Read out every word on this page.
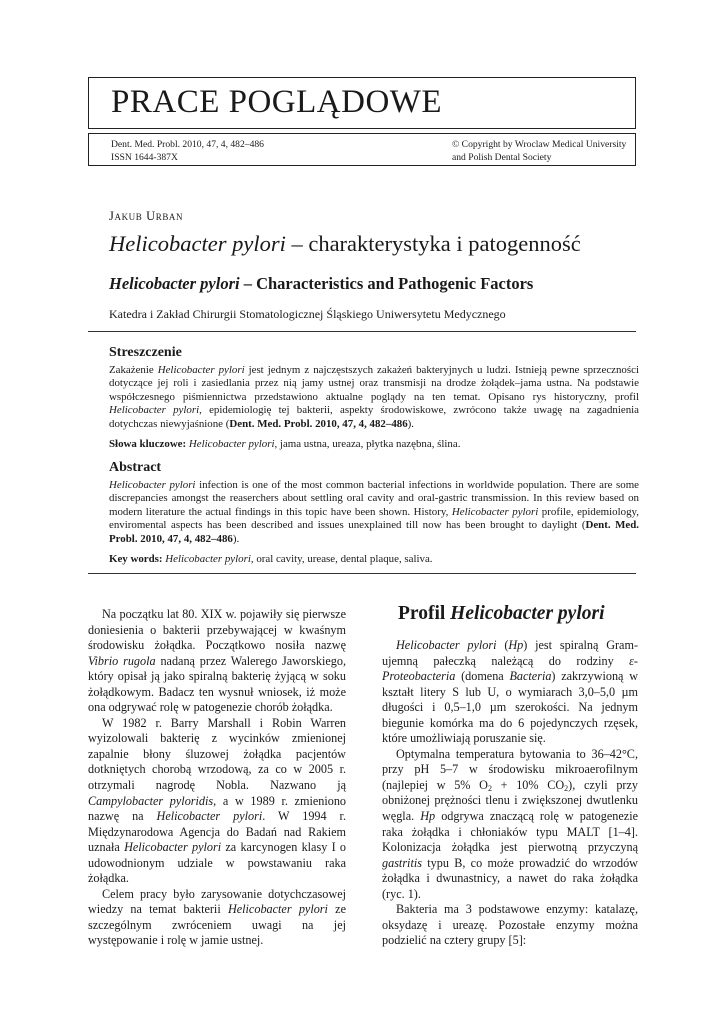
PRACE POGLĄDOWE
Dent. Med. Probl. 2010, 47, 4, 482–486
ISSN 1644-387X
© Copyright by Wroclaw Medical University
and Polish Dental Society
Jakub Urban
Helicobacter pylori – charakterystyka i patogenność
Helicobacter pylori – Characteristics and Pathogenic Factors
Katedra i Zakład Chirurgii Stomatologicznej Śląskiego Uniwersytetu Medycznego
Streszczenie

Zakażenie Helicobacter pylori jest jednym z najczęstszych zakażeń bakteryjnych u ludzi. Istnieją pewne sprzeczności dotyczące jej roli i zasiedlania przez nią jamy ustnej oraz transmisji na drodze żołądek–jama ustna. Na podstawie współczesnego piśmiennictwa przedstawiono aktualne poglądy na ten temat. Opisano rys historyczny, profil Helicobacter pylori, epidemiologię tej bakterii, aspekty środowiskowe, zwrócono także uwagę na zagadnienia dotychczas niewyjaśnione (Dent. Med. Probl. 2010, 47, 4, 482–486).

Słowa kluczowe: Helicobacter pylori, jama ustna, ureaza, płytka nazębna, ślina.

Abstract

Helicobacter pylori infection is one of the most common bacterial infections in worldwide population. There are some discrepancies amongst the reaserchers about settling oral cavity and oral-gastric transmission. In this review based on modern literature the actual findings in this topic have been shown. History, Helicobacter pylori profile, epidemiology, enviromental aspects has been described and issues unexplained till now has been brought to daylight (Dent. Med. Probl. 2010, 47, 4, 482–486).

Key words: Helicobacter pylori, oral cavity, urease, dental plaque, saliva.

Na początku lat 80. XIX w. pojawiły się pierwsze doniesienia o bakterii przebywającej w kwaśnym środowisku żołądka. Początkowo nosiła nazwę Vibrio rugola nadaną przez Walerego Jaworskiego, który opisał ją jako spiralną bakterię żyjącą w soku żołądkowym. Badacz ten wysnuł wniosek, iż może ona odgrywać rolę w patogenezie chorób żołądka.

W 1982 r. Barry Marshall i Robin Warren wyizolowali bakterię z wycinków zmienionej zapalnie błony śluzowej żołądka pacjentów dotkniętych chorobą wrzodową, za co w 2005 r. otrzymali nagrodę Nobla. Nazwano ją Campylobacter pyloridis, a w 1989 r. zmieniono nazwę na Helicobacter pylori. W 1994 r. Międzynarodowa Agencja do Badań nad Rakiem uznała Helicobacter pylori za karcynogen klasy I o udowodnionym udziale w powstawaniu raka żołądka.

Celem pracy było zarysowanie dotychczasowej wiedzy na temat bakterii Helicobacter pylori ze szczególnym zwróceniem uwagi na jej występowanie i rolę w jamie ustnej.

Profil Helicobacter pylori

Helicobacter pylori (Hp) jest spiralną Gram-ujemną pałeczką należącą do rodziny ε-Proteobacteria (domena Bacteria) zakrzywioną w kształt litery S lub U, o wymiarach 3,0–5,0 µm długości i 0,5–1,0 µm szerokości. Na jednym biegunie komórka ma do 6 pojedynczych rzęsek, które umożliwiają poruszanie się.

Optymalna temperatura bytowania to 36–42°C, przy pH 5–7 w środowisku mikroaerofilnym (najlepiej w 5% $O_2 + 10\%$ $CO_2$), czyli przy obniżonej prężności tlenu i zwiększonej dwutlenku węgla. Hp odgrywa znaczącą rolę w patogenezie raka żołądka i chłoniaków typu MALT [1–4]. Kolonizacja żołądka jest pierwotną przyczyną gastritis typu B, co może prowadzić do wrzodów żołądka i dwunastnicy, a nawet do raka żołądka (ryc. 1).

Bakteria ma 3 podstawowe enzymy: katalazę, oksydazę i ureazę. Pozostałe enzymy można podzielić na cztery grupy [5]:
